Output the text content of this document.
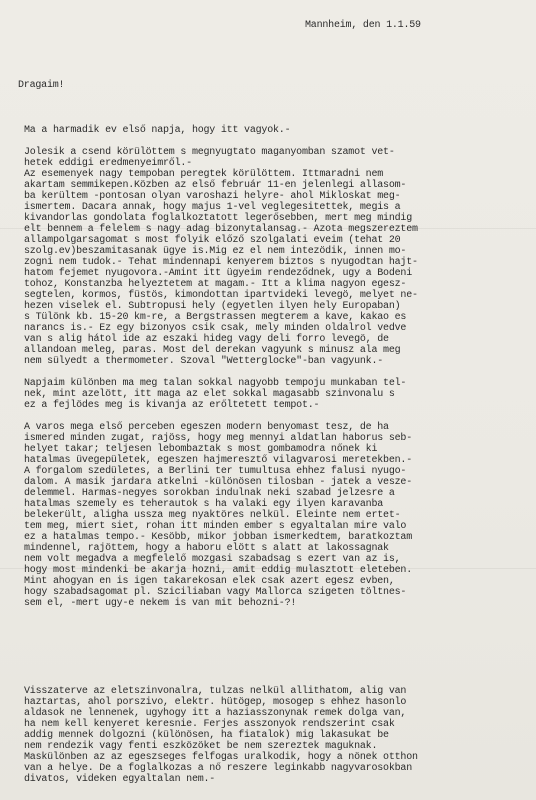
Mannheim, den 1.1.59

Dragaim!

Ma a harmadik ev első napja, hogy itt vagyok.-

Jolesik a csend körülöttem s megnyugtato maganyomban szamot vet-

hetek eddigi eredmenyeimről.-

Az esemenyek nagy tempoban peregtek körülöttem. Ittmaradni nem

akartam semmikepen.Közben az első február 11-en jelenlegi allasom-

ba kerültem -pontosan olyan varoshazi helyre- ahol Mikloskat meg-

ismertem. Dacara annak, hogy majus 1-vel veglegesitettek, megis a

kivandorlas gondolata foglalkoztatott legerősebben, mert meg mindig

elt bennem a felelem s nagy adag bizonytalansag.- Azota megszereztem

allampolgarsagomat s most folyik előző szolgalati eveim (tehat 20

szolg.ev)beszamitasanak ügye is.Mig ez el nem intezödik, innen mo-

zogni nem tudok.- Tehat mindennapi kenyerem biztos s nyugodtan hajt-

hatom fejemet nyugovora.-Amint itt ügyeim rendeződnek, ugy a Bodeni

tohoz, Konstanzba helyeztetem at magam.- Itt a klima nagyon egesz-

segtelen, kormos, füstös, kimondottan ipartvideki levegö, melyet ne-

hezen viselek el. Subtropusi hely (egyetlen ilyen hely Europaban)

s Tülönk kb. 15-20 km-re, a Bergstrassen megterem a kave, kakao es

narancs is.- Ez egy bizonyos csik csak, mely minden oldalrol vedve

van s alig hátol ide az eszaki hideg vagy deli forro levegö, de

allandoan meleg, paras. Most del derekan vagyunk s minusz ala meg

nem sülyedt a thermometer. Szoval "Wetterglocke"-ban vagyunk.-

Napjaim különben ma meg talan sokkal nagyobb tempoju munkaban tel-

nek, mint azelött, itt maga az elet sokkal magasabb szinvonalu s

ez a fejlödes meg is kivanja az erőltetett tempot.-

A varos mega első perceben egeszen modern benyomast tesz, de ha

ismered minden zugat, rajöss, hogy meg mennyi aldatlan haborus seb-

helyet takar; teljesen lebombaztak s most gombamodra nőnek ki

hatalmas üvegepületek, egeszen hajmeresztő vilagvarosi meretekben.-

A forgalom szedületes, a Berlini ter tumultusa ehhez falusi nyugo-

dalom. A masik jardara atkelni -különösen tilosban - jatek a vesze-

delemmel. Harmas-negyes sorokban indulnak neki szabad jelzesre a

hatalmas szemely es teherautok s ha valaki egy ilyen karavanba

belekerült, aligha ussza meg nyaktöres nelkül. Eleinte nem ertet-

tem meg, miert siet, rohan itt minden ember s egyaltalan mire valo

ez a hatalmas tempo.- Kesöbb, mikor jobban ismerkedtem, baratkoztam

mindennel, rajöttem, hogy a haboru elött s alatt at lakossagnak

nem volt megadva a megfelelő mozgasi szabadsag s ezert van az is,

hogy most mindenki be akarja hozni, amit eddig mulasztott eleteben.

Mint ahogyan en is igen takarekosan elek csak azert egesz evben,

hogy szabadsagomat pl. Sziciliaban vagy Mallorca szigeten töltnes-

sem el, -mert ugy-e nekem is van mit behozni-?!

Visszaterve az eletszinvonalra, tulzas nelkül allithatom, alig van

haztartas, ahol porszivo, elektr. hütögep, mosogep s ehhez hasonlo

aldasok ne lennenek, ugyhogy itt a haziasszonynak remek dolga van,

ha nem kell kenyeret keresnie. Ferjes asszonyok rendszerint csak

addig mennek dolgozni (különösen, ha fiatalok) mig lakasukat be

nem rendezik vagy fenti eszközöket be nem szereztek maguknak.

Maskülönben az az egeszseges felfogas uralkodik, hogy a nönek otthon

van a helye. De a foglalkozas a nő reszere leginkabb nagyvarosokban

divatos, videken egyaltalan nem.-
